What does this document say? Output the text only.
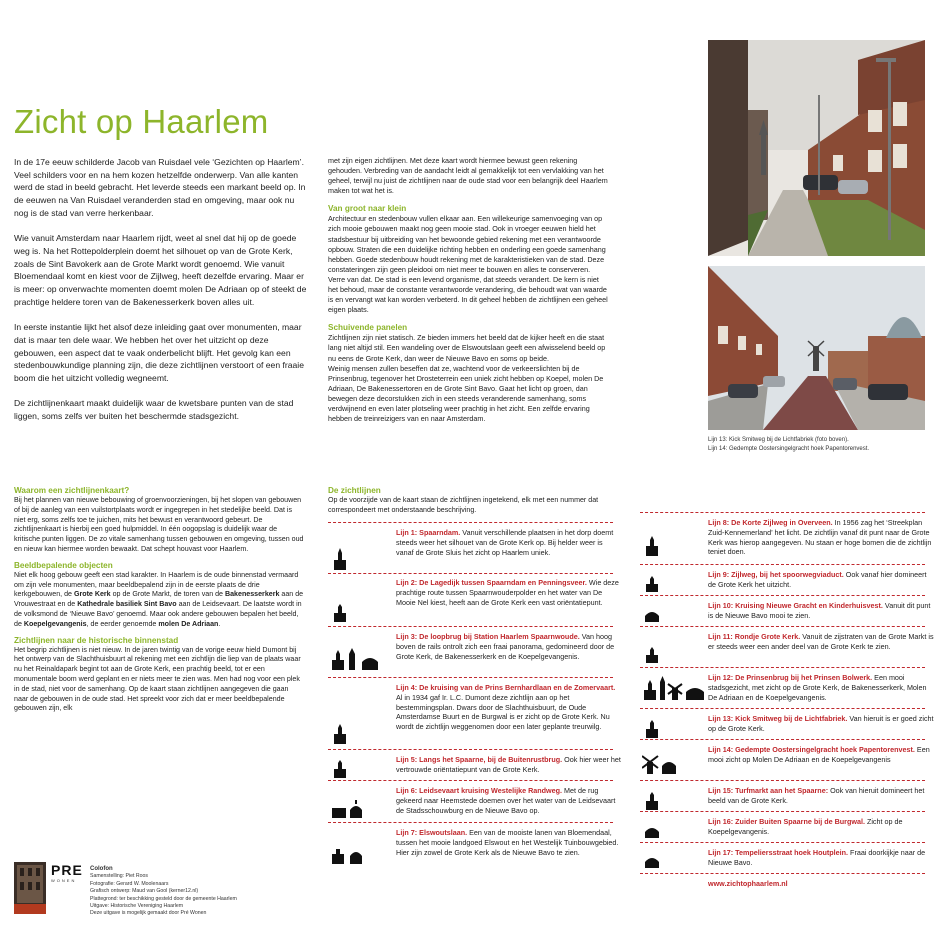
Zicht op Haarlem

In de 17e eeuw schilderde Jacob van Ruisdael vele ‘Gezichten op Haarlem’. Veel schilders voor en na hem kozen hetzelfde onderwerp. Van alle kanten werd de stad in beeld gebracht. Het leverde steeds een markant beeld op. In de eeuwen na Van Ruisdael veranderden stad en omgeving, maar ook nu nog is de stad van verre herkenbaar.

Wie vanuit Amsterdam naar Haarlem rijdt, weet al snel dat hij op de goede weg is. Na het Rottepolderplein doemt het silhouet op van de Grote Kerk, zoals de Sint Bavokerk aan de Grote Markt wordt genoemd. Wie vanuit Bloemendaal komt en kiest voor de Zijlweg, heeft dezelfde ervaring. Maar er is meer: op onverwachte momenten doemt molen De Adriaan op of steekt de prachtige heldere toren van de Bakenesserkerk boven alles uit.

In eerste instantie lijkt het alsof deze inleiding gaat over monumenten, maar dat is maar ten dele waar. We hebben het over het uitzicht op deze gebouwen, een aspect dat te vaak onderbelicht blijft. Het gevolg kan een stedenbouwkundige planning zijn, die deze zichtlijnen verstoort of een fraaie boom die het uitzicht volledig wegneemt.

De zichtlijnenkaart maakt duidelijk waar de kwetsbare punten van de stad liggen, soms zelfs ver buiten het beschermde stadsgezicht.

met zijn eigen zichtlijnen. Met deze kaart wordt hiermee bewust geen rekening gehouden. Verbreding van de aandacht leidt al gemakkelijk tot een vervlakking van het geheel, terwijl nu juist de zichtlijnen naar de oude stad voor een belangrijk deel Haarlem maken tot wat het is.

Van groot naar klein

Architectuur en stedenbouw vullen elkaar aan. Een willekeurige samenvoeging van op zich mooie gebouwen maakt nog geen mooie stad. Ook in vroeger eeuwen hield het stadsbestuur bij uitbreiding van het bewoonde gebied rekening met een verantwoorde opbouw. Straten die een duidelijke richting hebben en onderling een goede samenhang hebben. Goede stedenbouw houdt rekening met de karakteristieken van de stad. Deze constateringen zijn geen pleidooi om niet meer te bouwen en alles te conserveren. Verre van dat. De stad is een levend organisme, dat steeds verandert. De kern is niet het behoud, maar de constante verantwoorde verandering, die behoudt wat van waarde is en vervangt wat kan worden verbeterd. In dit geheel hebben de zichtlijnen een geheel eigen plaats.

Schuivende panelen

Zichtlijnen zijn niet statisch. Ze bieden immers het beeld dat de kijker heeft en die staat lang niet altijd stil. Een wandeling over de Elswoutslaan geeft een afwisselend beeld op nu eens de Grote Kerk, dan weer de Nieuwe Bavo en soms op beide.

Weinig mensen zullen beseffen dat ze, wachtend voor de verkeerslichten bij de Prinsenbrug, tegenover het Drosteterrein een uniek zicht hebben op Koepel, molen De Adriaan, De Bakenessertoren en de Grote Sint Bavo. Gaat het licht op groen, dan bewegen deze decorstukken zich in een steeds veranderende samenhang, soms verdwijnend en even later plotseling weer prachtig in het zicht. Een zelfde ervaring hebben de treinreizigers van en naar Amsterdam.

Lijn 13: Kick Smitweg bij de Lichtfabriek (foto boven).
Lijn 14: Gedempte Oostersingelgracht hoek Papentorenvest.
Waarom een zichtlijnenkaart?

Bij het plannen van nieuwe bebouwing of groenvoorzieningen, bij het slopen van gebouwen of bij de aanleg van een vuilstortplaats wordt er ingegrepen in het stedelijke beeld. Dat is niet erg, soms zelfs toe te juichen, mits het bewust en verantwoord gebeurt. De zichtlijnenkaart is hierbij een goed hulpmiddel. In één oogopslag is duidelijk waar de kritische punten liggen. De zo vitale samenhang tussen gebouwen en omgeving, tussen oud en nieuw kan hiermee worden bewaakt. Dat schept houvast voor Haarlem.

Beeldbepalende objecten

Niet elk hoog gebouw geeft een stad karakter. In Haarlem is de oude binnenstad vermaard om zijn vele monumenten, maar beeldbepalend zijn in de eerste plaats de drie kerkgebouwen, de Grote Kerk op de Grote Markt, de toren van de Bakenesserkerk aan de Vrouwestraat en de Kathedrale basiliek Sint Bavo aan de Leidsevaart. De laatste wordt in de volksmond de ‘Nieuwe Bavo’ genoemd. Maar ook andere gebouwen bepalen het beeld, de Koepelgevangenis, de eerder genoemde molen De Adriaan.

Zichtlijnen naar de historische binnenstad

Het begrip zichtlijnen is niet nieuw. In de jaren twintig van de vorige eeuw hield Dumont bij het ontwerp van de Slachthuisbuurt al rekening met een zichtlijn die liep van de plaats waar nu het Reinaldapark begint tot aan de Grote Kerk, een prachtig beeld, tot er een monumentale boom werd geplant en er niets meer te zien was. Men had nog voor een plek in de stad, niet voor de samenhang. Op de kaart staan zichtlijnen aangegeven die gaan naar de gebouwen in de oude stad. Het spreekt voor zich dat er meer beeldbepalende gebouwen zijn, elk

De zichtlijnen

Op de voorzijde van de kaart staan de zichtlijnen ingetekend, elk met een nummer dat correspondeert met onderstaande beschrijving.

Lijn 1: Spaarndam. Vanuit verschillende plaatsen in het dorp doemt steeds weer het silhouet van de Grote Kerk op. Bij helder weer is vanaf de Grote Sluis het zicht op Haarlem uniek.
Lijn 2: De Lagedijk tussen Spaarndam en Penningsveer. Wie deze prachtige route tussen Spaarnwouderpolder en het water van De Mooie Nel kiest, heeft aan de Grote Kerk een vast oriëntatiepunt.
Lijn 3: De loopbrug bij Station Haarlem Spaarnwoude. Van hoog boven de rails ontrolt zich een fraai panorama, gedomineerd door de Grote Kerk, de Bakenesserkerk en de Koepelgevangenis.
Lijn 4: De kruising van de Prins Bernhardlaan en de Zomervaart. Al in 1934 gaf Ir. L.C. Dumont deze zichtlijn aan op het bestemmingsplan. Dwars door de Slachthuisbuurt, de Oude Amsterdamse Buurt en de Burgwal is er zicht op de Grote Kerk. Nu wordt de zichtlijn weggenomen door een later geplante treurwilg.
Lijn 5: Langs het Spaarne, bij de Buitenrustbrug. Ook hier weer het vertrouwde oriëntatiepunt van de Grote Kerk.
Lijn 6: Leidsevaart kruising Westelijke Randweg. Met de rug gekeerd naar Heemstede doemen over het water van de Leidsevaart de Stadsschouwburg en de Nieuwe Bavo op.
Lijn 7: Elswoutslaan. Een van de mooiste lanen van Bloemendaal, tussen het mooie landgoed Elswout en het Westelijk Tuinbouwgebied. Hier zijn zowel de Grote Kerk als de Nieuwe Bavo te zien.
Lijn 8: De Korte Zijlweg in Overveen. In 1956 zag het ‘Streekplan Zuid-Kennemerland’ het licht. De zichtlijn vanaf dit punt naar de Grote Kerk was hierop aangegeven. Nu staan er hoge bomen die de zichtlijn teniet doen.
Lijn 9: Zijlweg, bij het spoorwegviaduct. Ook vanaf hier domineert de Grote Kerk het uitzicht.
Lijn 10: Kruising Nieuwe Gracht en Kinderhuisvest. Vanuit dit punt is de Nieuwe Bavo mooi te zien.
Lijn 11: Rondje Grote Kerk. Vanuit de zijstraten van de Grote Markt is er steeds weer een ander deel van de Grote Kerk te zien.
Lijn 12: De Prinsenbrug bij het Prinsen Bolwerk. Een mooi stadsgezicht, met zicht op de Grote Kerk, de Bakenesserkerk, Molen De Adriaan en de Koepelgevangenis.
Lijn 13: Kick Smitweg bij de Lichtfabriek. Van hieruit is er goed zicht op de Grote Kerk.
Lijn 14: Gedempte Oostersingelgracht hoek Papentorenvest. Een mooi zicht op Molen De Adriaan en de Koepelgevangenis
Lijn 15: Turfmarkt aan het Spaarne: Ook van hieruit domineert het beeld van de Grote Kerk.
Lijn 16: Zuider Buiten Spaarne bij de Burgwal. Zicht op de Koepelgevangenis.
Lijn 17: Tempeliersstraat hoek Houtplein. Fraai doorkijkje naar de Nieuwe Bavo.
www.zichtophaarlem.nl
PRE
WONEN
Colofon
Samenstelling: Piet Roos
Fotografie: Gerard W. Moolenaars
Grafisch ontwerp: Maud van Gool (kerner12.nl)
Plattegrond: ter beschikking gesteld door de gemeente Haarlem
Uitgave: Historische Vereniging Haarlem
Deze uitgave is mogelijk gemaakt door Pré Wonen
